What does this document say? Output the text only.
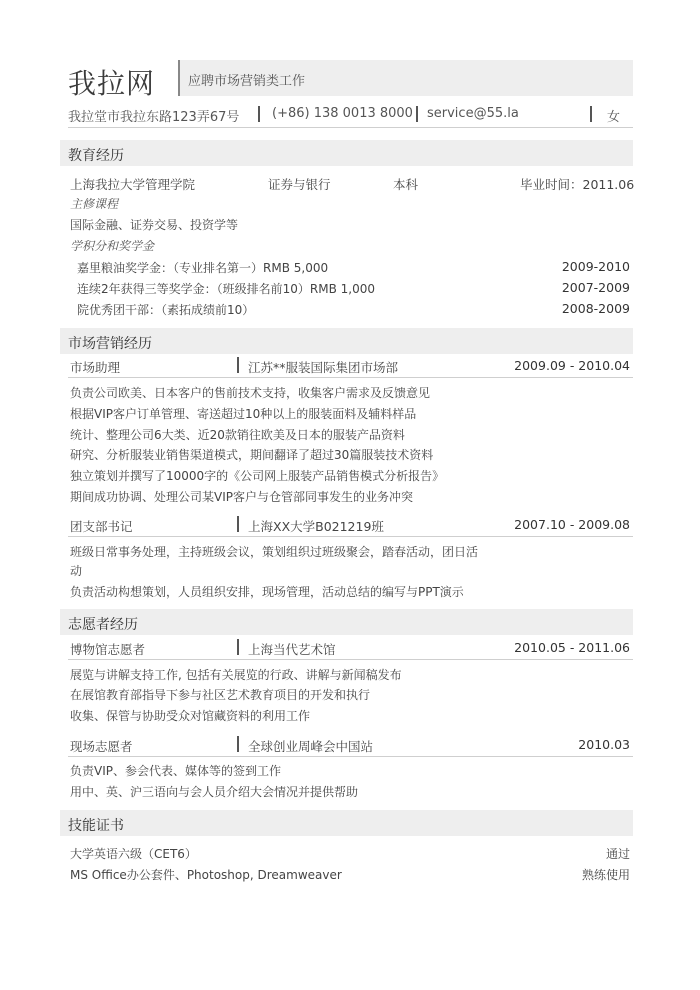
我拉网	应聘市场营销类工作
我拉堂市我拉东路123弄67号	(+86) 138 0013 8000 service@55.la	女
教育经历
上海我拉大学管理学院	证券与银行	本科	毕业时间：2011.06
主修课程
国际金融、证券交易、投资学等
学积分和奖学金
嘉里粮油奖学金：（专业排名第一）RMB 5,000	2009-2010
连续2年获得三等奖学金：（班级排名前10）RMB 1,000	2007-2009
院优秀团干部：（素拓成绩前10）	2008-2009
市场营销经历
市场助理	江苏**服装国际集团市场部	2009.09 - 2010.04
负责公司欧美、日本客户的售前技术支持，收集客户需求及反馈意见
根据VIP客户订单管理、寄送超过10种以上的服装面料及辅料样品
统计、整理公司6大类、近20款销往欧美及日本的服装产品资料
研究、分析服装业销售渠道模式，期间翻译了超过30篇服装技术资料
独立策划并撰写了10000字的《公司网上服装产品销售模式分析报告》
期间成功协调、处理公司某VIP客户与仓管部同事发生的业务冲突
团支部书记	上海XX大学B021219班	2007.10 - 2009.08
班级日常事务处理，主持班级会议，策划组织过班级聚会，踏春活动，团日活
动
负责活动构想策划，人员组织安排，现场管理，活动总结的编写与PPT演示
志愿者经历
博物馆志愿者	上海当代艺术馆	2010.05 - 2011.06
展览与讲解支持工作, 包括有关展览的行政、讲解与新闻稿发布
在展馆教育部指导下参与社区艺术教育项目的开发和执行
收集、保管与协助受众对馆藏资料的利用工作
现场志愿者	全球创业周峰会中国站	2010.03
负责VIP、参会代表、媒体等的签到工作
用中、英、沪三语向与会人员介绍大会情况并提供帮助
技能证书
大学英语六级（CET6）	通过
MS Office办公套件、Photoshop, Dreamweaver	熟练使用
